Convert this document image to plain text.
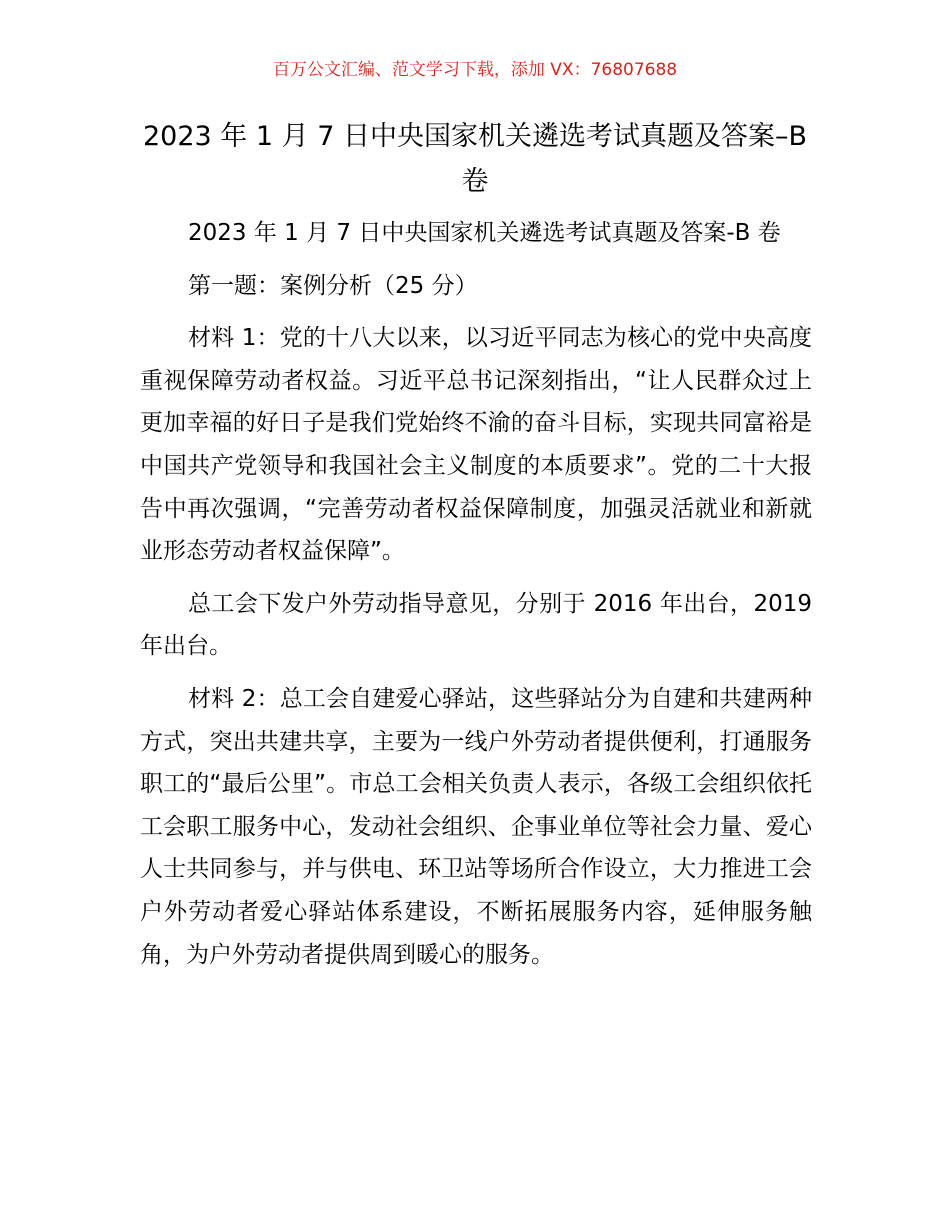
百万公文汇编、范文学习下载，添加 VX：76807688
2023 年 1 月 7 日中央国家机关遴选考试真题及答案–B 卷

2023 年 1 月 7 日中央国家机关遴选考试真题及答案-B 卷

第一题：案例分析（25 分）

材料 1：党的十八大以来，以习近平同志为核心的党中央高度重视保障劳动者权益。习近平总书记深刻指出，“让人民群众过上更加幸福的好日子是我们党始终不渝的奋斗目标，实现共同富裕是中国共产党领导和我国社会主义制度的本质要求”。党的二十大报告中再次强调，“完善劳动者权益保障制度，加强灵活就业和新就业形态劳动者权益保障”。

总工会下发户外劳动指导意见，分别于 2016 年出台，2019 年出台。

材料 2：总工会自建爱心驿站，这些驿站分为自建和共建两种方式，突出共建共享，主要为一线户外劳动者提供便利，打通服务职工的“最后公里”。市总工会相关负责人表示，各级工会组织依托工会职工服务中心，发动社会组织、企事业单位等社会力量、爱心人士共同参与，并与供电、环卫站等场所合作设立，大力推进工会户外劳动者爱心驿站体系建设，不断拓展服务内容，延伸服务触角，为户外劳动者提供周到暖心的服务。
